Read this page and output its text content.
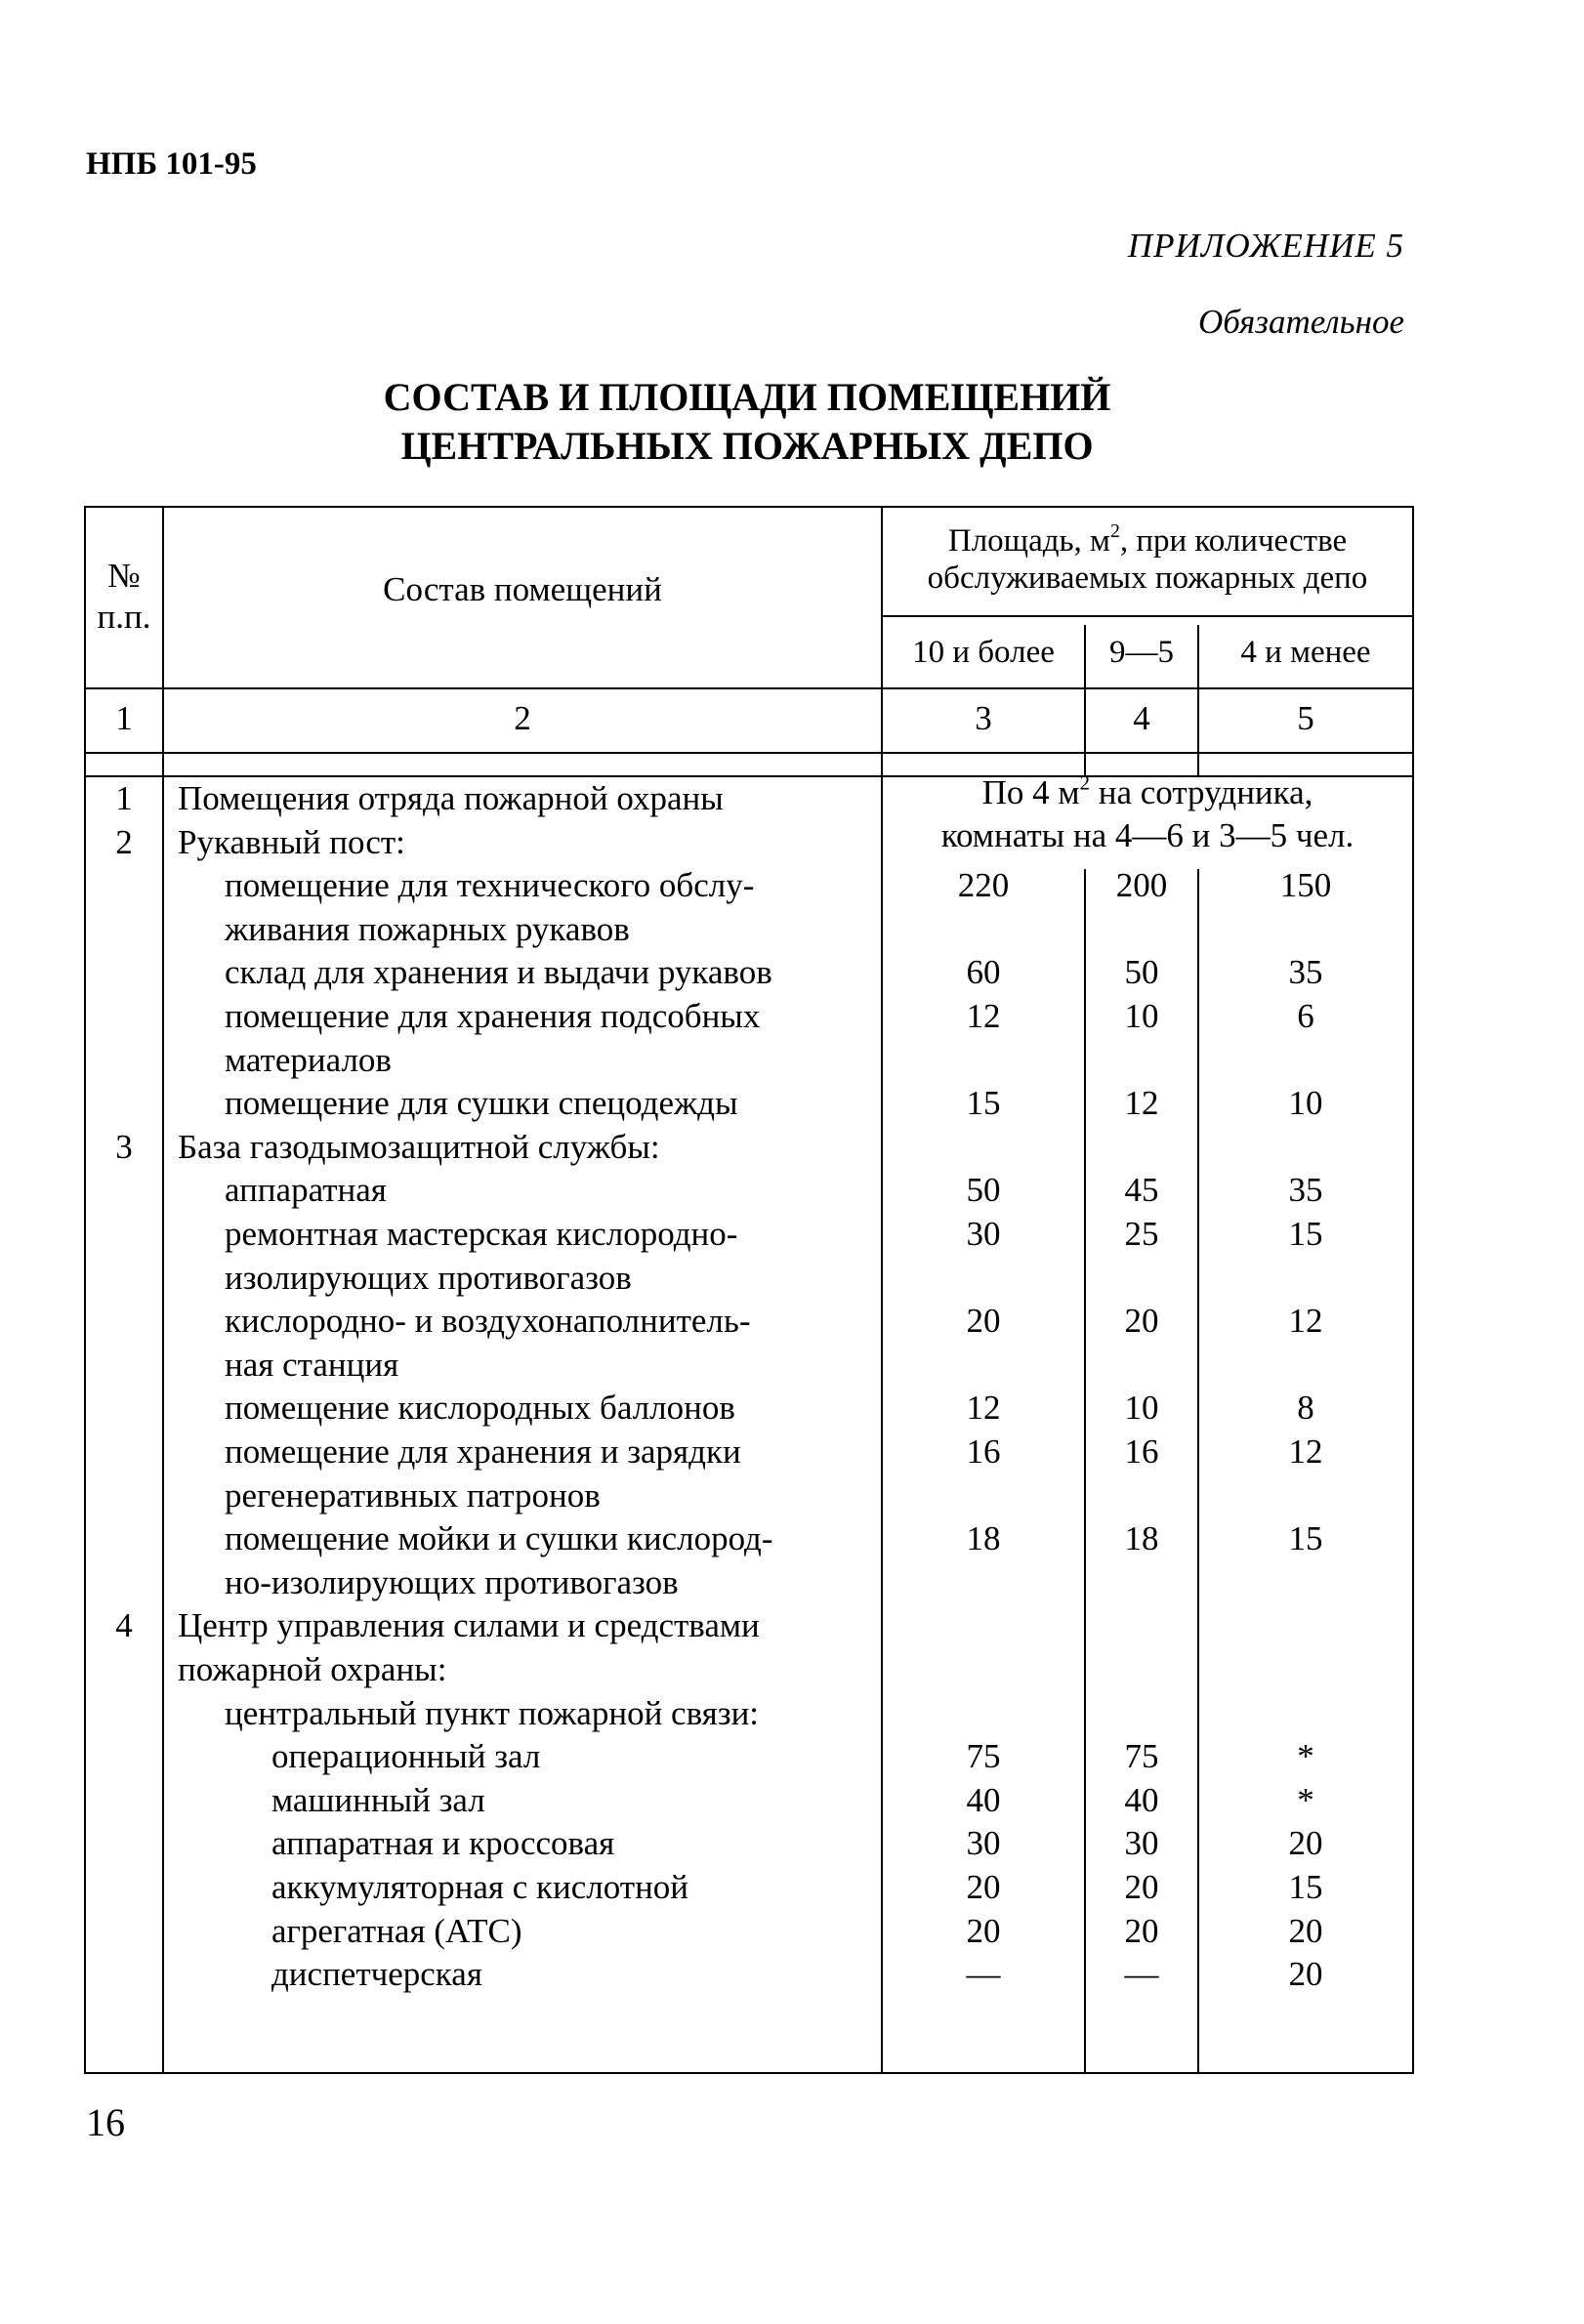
НПБ 101-95
ПРИЛОЖЕНИЕ 5
Обязательное
СОСТАВ И ПЛОЩАДИ ПОМЕЩЕНИЙ
ЦЕНТРАЛЬНЫХ ПОЖАРНЫХ ДЕПО
№
п.п.
Состав помещений
Площадь, $м^2$, при количестве
обслуживаемых пожарных депо
10 и более	9—5	4 и менее
1	2	3	4	5
По 4 $м^2$ на сотрудника,
комнаты на 4—6 и 3—5 чел.
1	Помещения отряда пожарной охраны
2	Рукавный пост:
помещение для технического обслу-	220	200	150
живания пожарных рукавов
склад для хранения и выдачи рукавов	60	50	35
помещение для хранения подсобных	12	10	6
материалов
помещение для сушки спецодежды	15	12	10
3	База газодымозащитной службы:
аппаратная	50	45	35
ремонтная мастерская кислородно-	30	25	15
изолирующих противогазов
кислородно- и воздухонаполнитель-	20	20	12
ная станция
помещение кислородных баллонов	12	10	8
помещение для хранения и зарядки	16	16	12
регенеративных патронов
помещение мойки и сушки кислород-	18	18	15
но-изолирующих противогазов
4	Центр управления силами и средствами
пожарной охраны:
центральный пункт пожарной связи:
операционный зал	75	75	*
машинный зал	40	40	*
аппаратная и кроссовая	30	30	20
аккумуляторная с кислотной	20	20	15
агрегатная (АТС)	20	20	20
диспетчерская	—	—	20
16
